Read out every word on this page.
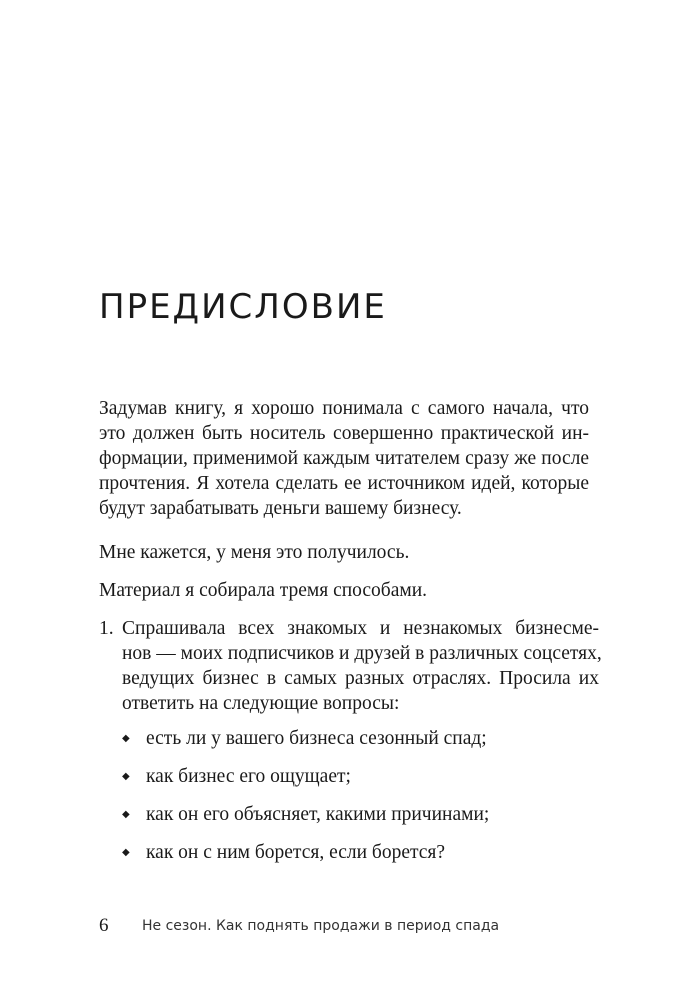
ПРЕДИСЛОВИЕ
Задумав книгу, я хорошо понимала с самого начала, что
это должен быть носитель совершенно практической ин-
формации, применимой каждым читателем сразу же после
прочтения. Я хотела сделать ее источником идей, которые
будут зарабатывать деньги вашему бизнесу.
Мне кажется, у меня это получилось.
Материал я собирала тремя способами.
1. Спрашивала всех знакомых и незнакомых бизнесме-
нов — моих подписчиков и друзей в различных соцсетях,
ведущих бизнес в самых разных отраслях. Просила их
ответить на следующие вопросы:
◆ есть ли у вашего бизнеса сезонный спад;
◆ как бизнес его ощущает;
◆ как он его объясняет, какими причинами;
◆ как он с ним борется, если борется?
6 Не сезон. Как поднять продажи в период спада
